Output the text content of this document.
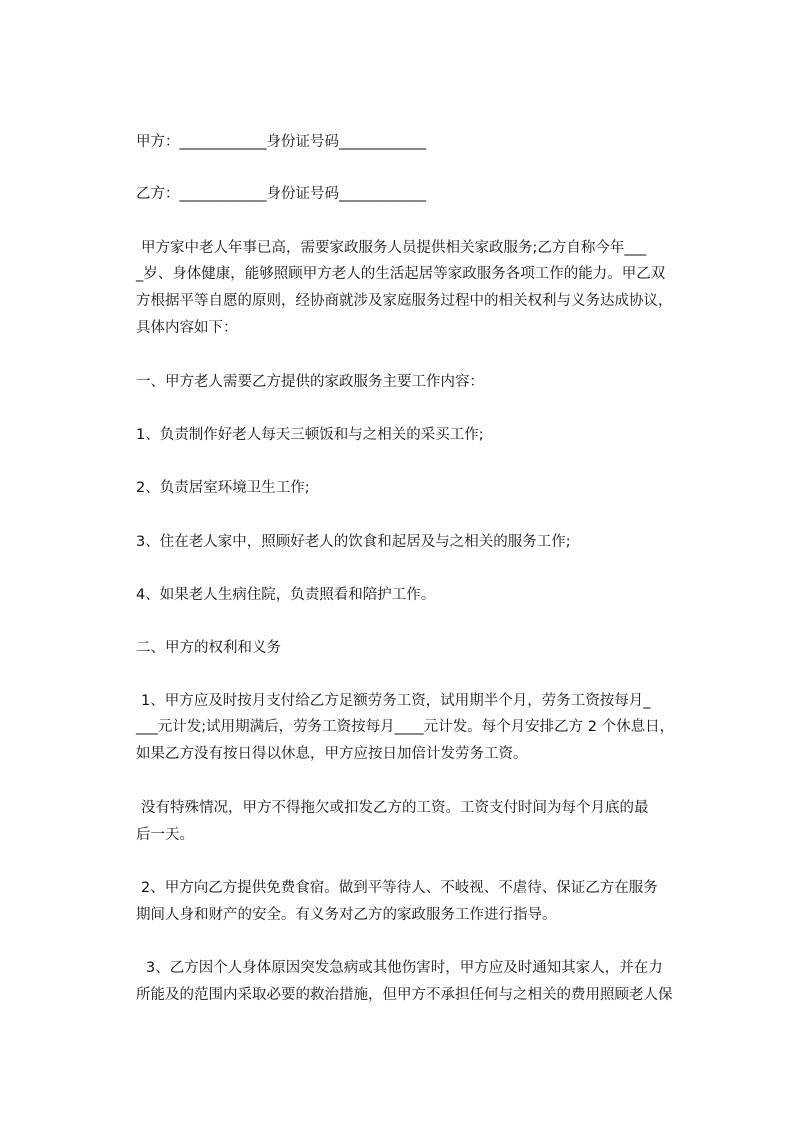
甲方：____________身份证号码____________
乙方：____________身份证号码____________
甲方家中老人年事已高，需要家政服务人员提供相关家政服务;乙方自称今年___
_岁、身体健康，能够照顾甲方老人的生活起居等家政服务各项工作的能力。甲乙双
方根据平等自愿的原则，经协商就涉及家庭服务过程中的相关权利与义务达成协议，
具体内容如下：
一、甲方老人需要乙方提供的家政服务主要工作内容：
1、负责制作好老人每天三顿饭和与之相关的采买工作;
2、负责居室环境卫生工作;
3、住在老人家中，照顾好老人的饮食和起居及与之相关的服务工作;
4、如果老人生病住院，负责照看和陪护工作。
二、甲方的权利和义务
1、甲方应及时按月支付给乙方足额劳务工资，试用期半个月，劳务工资按每月_
___元计发;试用期满后，劳务工资按每月____元计发。每个月安排乙方 2 个休息日，
如果乙方没有按日得以休息，甲方应按日加倍计发劳务工资。
没有特殊情况，甲方不得拖欠或扣发乙方的工资。工资支付时间为每个月底的最
后一天。
2、甲方向乙方提供免费食宿。做到平等待人、不岐视、不虐待、保证乙方在服务
期间人身和财产的安全。有义务对乙方的家政服务工作进行指导。
3、乙方因个人身体原因突发急病或其他伤害时，甲方应及时通知其家人，并在力
所能及的范围内采取必要的救治措施，但甲方不承担任何与之相关的费用照顾老人保
